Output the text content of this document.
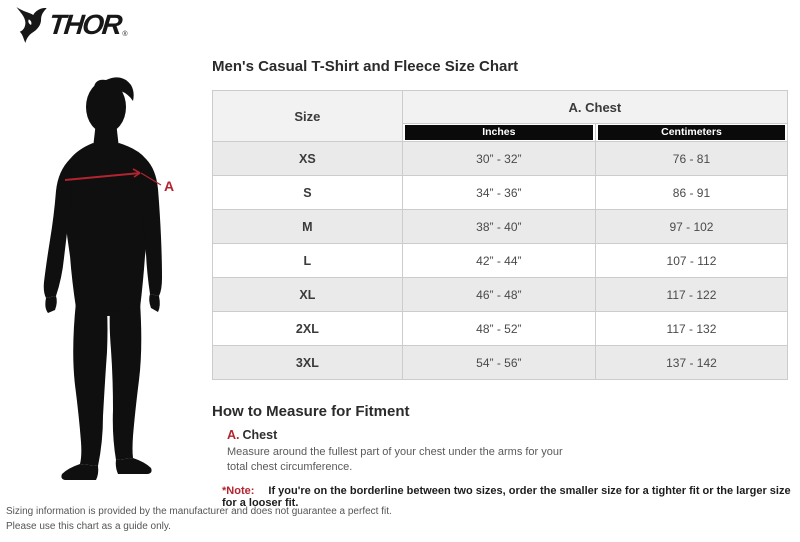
THOR ®
A
Men's Casual T-Shirt and Fleece Size Chart
Size	A. Chest	

	Inches	Centimeters

XS	30” - 32”	76 - 81
S	34” - 36”	86 - 91
M	38” - 40”	97 - 102
L	42” - 44”	107 - 112
XL	46” - 48”	117 - 122
2XL	48” - 52”	117 - 132
3XL	54” - 56”	137 - 142
How to Measure for Fitment
A. Chest
Measure around the fullest part of your chest under the arms for your total chest circumference.
*Note: If you're on the borderline between two sizes, order the smaller size for a tighter fit or the larger size for a looser fit.
Sizing information is provided by the manufacturer and does not guarantee a perfect fit.
Please use this chart as a guide only.
